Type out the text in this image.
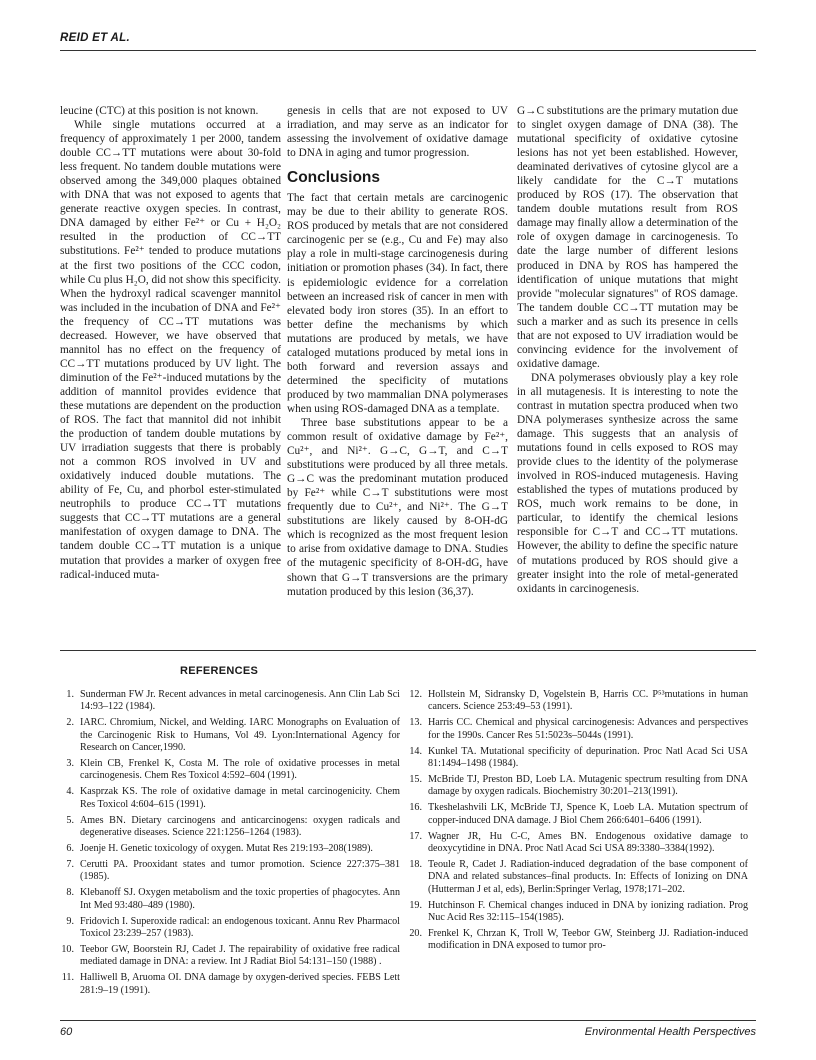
REID ET AL.

leucine (CTC) at this position is not known.

While single mutations occurred at a frequency of approximately 1 per 2000, tandem double CC→TT mutations were about 30-fold less frequent. No tandem double mutations were observed among the 349,000 plaques obtained with DNA that was not exposed to agents that generate reactive oxygen species. In contrast, DNA damaged by either Fe²⁺ or Cu + H₂O₂ resulted in the production of CC→TT substitutions. Fe²⁺ tended to produce mutations at the first two positions of the CCC codon, while Cu plus H₂O, did not show this specificity. When the hydroxyl radical scavenger mannitol was included in the incubation of DNA and Fe²⁺ the frequency of CC→TT mutations was decreased. However, we have observed that mannitol has no effect on the frequency of CC→TT mutations produced by UV light. The diminution of the Fe²⁺-induced mutations by the addition of mannitol provides evidence that these mutations are dependent on the production of ROS. The fact that mannitol did not inhibit the production of tandem double mutations by UV irradiation suggests that there is probably not a common ROS involved in UV and oxidatively induced double mutations. The ability of Fe, Cu, and phorbol ester-stimulated neutrophils to produce CC→TT mutations suggests that CC→TT mutations are a general manifestation of oxygen damage to DNA. The tandem double CC→TT mutation is a unique mutation that provides a marker of oxygen free radical-induced muta-

genesis in cells that are not exposed to UV irradiation, and may serve as an indicator for assessing the involvement of oxidative damage to DNA in aging and tumor progression.

Conclusions

The fact that certain metals are carcinogenic may be due to their ability to generate ROS. ROS produced by metals that are not considered carcinogenic per se (e.g., Cu and Fe) may also play a role in multi-stage carcinogenesis during initiation or promotion phases (34). In fact, there is epidemiologic evidence for a correlation between an increased risk of cancer in men with elevated body iron stores (35). In an effort to better define the mechanisms by which mutations are produced by metals, we have cataloged mutations produced by metal ions in both forward and reversion assays and determined the specificity of mutations produced by two mammalian DNA polymerases when using ROS-damaged DNA as a template.

Three base substitutions appear to be a common result of oxidative damage by Fe²⁺, Cu²⁺, and Ni²⁺. G→C, G→T, and C→T substitutions were produced by all three metals. G→C was the predominant mutation produced by Fe²⁺ while C→T substitutions were most frequently due to Cu²⁺, and Ni²⁺. The G→T substitutions are likely caused by 8-OH-dG which is recognized as the most frequent lesion to arise from oxidative damage to DNA. Studies of the mutagenic specificity of 8-OH-dG, have shown that G→T transversions are the primary mutation produced by this lesion (36,37).

G→C substitutions are the primary mutation due to singlet oxygen damage of DNA (38). The mutational specificity of oxidative cytosine lesions has not yet been established. However, deaminated derivatives of cytosine glycol are a likely candidate for the C→T mutations produced by ROS (17). The observation that tandem double mutations result from ROS damage may finally allow a determination of the role of oxygen damage in carcinogenesis. To date the large number of different lesions produced in DNA by ROS has hampered the identification of unique mutations that might provide "molecular signatures" of ROS damage. The tandem double CC→TT mutation may be such a marker and as such its presence in cells that are not exposed to UV irradiation would be convincing evidence for the involvement of oxidative damage.

DNA polymerases obviously play a key role in all mutagenesis. It is interesting to note the contrast in mutation spectra produced when two DNA polymerases synthesize across the same damage. This suggests that an analysis of mutations found in cells exposed to ROS may provide clues to the identity of the polymerase involved in ROS-induced mutagenesis. Having established the types of mutations produced by ROS, much work remains to be done, in particular, to identify the chemical lesions responsible for C→T and CC→TT mutations. However, the ability to define the specific nature of mutations produced by ROS should give a greater insight into the role of metal-generated oxidants in carcinogenesis.

REFERENCES
1. Sunderman FW Jr. Recent advances in metal carcinogenesis. Ann Clin Lab Sci 14:93–122 (1984).
2. IARC. Chromium, Nickel, and Welding. IARC Monographs on Evaluation of the Carcinogenic Risk to Humans, Vol 49. Lyon:International Agency for Research on Cancer,1990.
3. Klein CB, Frenkel K, Costa M. The role of oxidative processes in metal carcinogenesis. Chem Res Toxicol 4:592–604 (1991).
4. Kasprzak KS. The role of oxidative damage in metal carcinogenicity. Chem Res Toxicol 4:604–615 (1991).
5. Ames BN. Dietary carcinogens and anticarcinogens: oxygen radicals and degenerative diseases. Science 221:1256–1264 (1983).
6. Joenje H. Genetic toxicology of oxygen. Mutat Res 219:193–208(1989).
7. Cerutti PA. Prooxidant states and tumor promotion. Science 227:375–381 (1985).
8. Klebanoff SJ. Oxygen metabolism and the toxic properties of phagocytes. Ann Int Med 93:480–489 (1980).
9. Fridovich I. Superoxide radical: an endogenous toxicant. Annu Rev Pharmacol Toxicol 23:239–257 (1983).
10. Teebor GW, Boorstein RJ, Cadet J. The repairability of oxidative free radical mediated damage in DNA: a review. Int J Radiat Biol 54:131–150 (1988) .
11. Halliwell B, Aruoma OI. DNA damage by oxygen-derived species. FEBS Lett 281:9–19 (1991).
12. Hollstein M, Sidransky D, Vogelstein B, Harris CC. P⁵³mutations in human cancers. Science 253:49–53 (1991).
13. Harris CC. Chemical and physical carcinogenesis: Advances and perspectives for the 1990s. Cancer Res 51:5023s–5044s (1991).
14. Kunkel TA. Mutational specificity of depurination. Proc Natl Acad Sci USA 81:1494–1498 (1984).
15. McBride TJ, Preston BD, Loeb LA. Mutagenic spectrum resulting from DNA damage by oxygen radicals. Biochemistry 30:201–213(1991).
16. Tkeshelashvili LK, McBride TJ, Spence K, Loeb LA. Mutation spectrum of copper-induced DNA damage. J Biol Chem 266:6401–6406 (1991).
17. Wagner JR, Hu C-C, Ames BN. Endogenous oxidative damage to deoxycytidine in DNA. Proc Natl Acad Sci USA 89:3380–3384(1992).
18. Teoule R, Cadet J. Radiation-induced degradation of the base component of DNA and related substances–final products. In: Effects of Ionizing on DNA (Hutterman J et al, eds), Berlin:Springer Verlag, 1978;171–202.
19. Hutchinson F. Chemical changes induced in DNA by ionizing radiation. Prog Nuc Acid Res 32:115–154(1985).
20. Frenkel K, Chrzan K, Troll W, Teebor GW, Steinberg JJ. Radiation-induced modification in DNA exposed to tumor pro-
60	Environmental Health Perspectives
